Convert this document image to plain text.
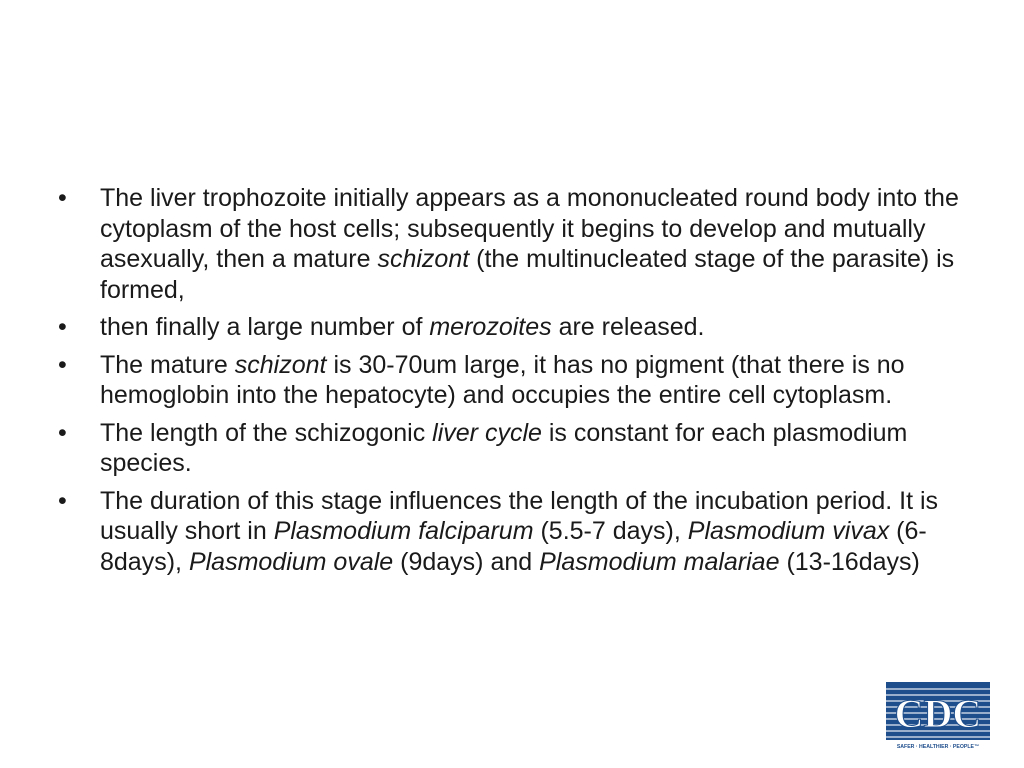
• The liver trophozoite initially appears as a mononucleated round body into the cytoplasm of the host cells; subsequently it begins to develop and mutually asexually, then a mature schizont (the multinucleated stage of the parasite) is formed,
• then finally a large number of merozoites are released.
• The mature schizont is 30-70um large, it has no pigment (that there is no hemoglobin into the hepatocyte) and occupies the entire cell cytoplasm.
• The length of the schizogonic liver cycle is constant for each plasmodium species.
• The duration of this stage influences the length of the incubation period. It is usually short in Plasmodium falciparum (5.5-7 days), Plasmodium vivax (6-8days), Plasmodium ovale (9days) and Plasmodium malariae (13-16days)
CDC
SAFER · HEALTHIER · PEOPLE™
